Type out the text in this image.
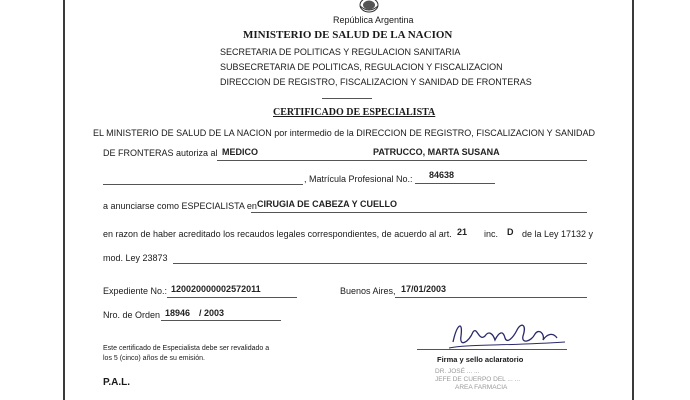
República Argentina
MINISTERIO DE SALUD DE LA NACION
SECRETARIA DE POLITICAS Y REGULACION SANITARIA
SUBSECRETARIA DE POLITICAS, REGULACION Y FISCALIZACION
DIRECCION DE REGISTRO, FISCALIZACION Y SANIDAD DE FRONTERAS
CERTIFICADO DE ESPECIALISTA
EL MINISTERIO DE SALUD DE LA NACION por intermedio de la DIRECCION DE REGISTRO, FISCALIZACION Y SANIDAD
DE FRONTERAS autoriza al MEDICO	PATRUCCO, MARTA SUSANA
, Matrícula Profesional No.: 84638
a anunciarse como ESPECIALISTA en CIRUGIA DE CABEZA Y CUELLO
en razon de haber acreditado los recaudos legales correspondientes, de acuerdo al art. 21 inc. D de la Ley 17132 y
mod. Ley 23873
Expediente No.: 120020000002572011	Buenos Aires, 17/01/2003
Nro. de Orden 18946 / 2003
Este certificado de Especialista debe ser revalidado a
los 5 (cinco) años de su emisión.
P.A.L.
Firma y sello aclaratorio
DR. JOSÉ ... ...
JEFE DE CUERPO DEL ... ...
AREA FARMACIA
